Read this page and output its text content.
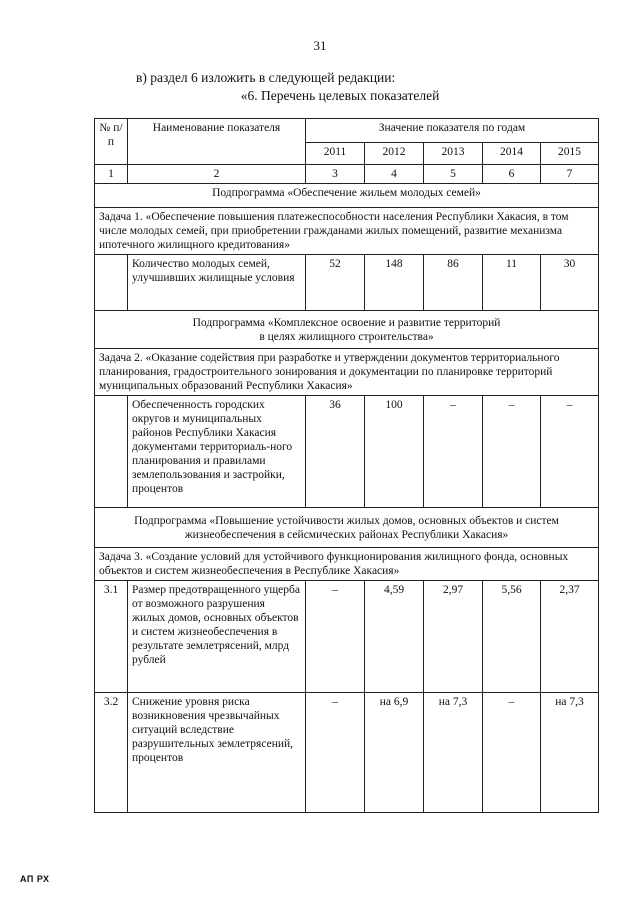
31
в) раздел 6 изложить в следующей редакции:
«6. Перечень целевых показателей
№ п/п	Наименование показателя	Значение показателя по годам				
		2011	2012	2013	2014	2015
1	2	3	4	5	6	7
Подпрограмма «Обеспечение жильем молодых семей»						
Задача 1. «Обеспечение повышения платежеспособности населения Республики Хакасия, в том числе молодых семей, при приобретении гражданами жилых помещений, развитие механизма ипотечного жилищного кредитования»						
	Количество молодых семей, улучшивших жилищные условия	52	148	86	11	30

Подпрограмма «Комплексное освоение и развитие территорий
в целях жилищного строительства»						

Задача 2. «Оказание содействия при разработке и утверждении документов территориального планирования, градостроительного зонирования и документации по планировке территорий муниципальных образований Республики Хакасия»						
	Обеспеченность городских округов и муниципальных районов Республики Хакасия документами территориаль-ного планирования и правилами землепользования и застройки, процентов	36	100	–	–	–

Подпрограмма «Повышение устойчивости жилых домов, основных объектов и систем
жизнеобеспечения в сейсмических районах Республики Хакасия»						

Задача 3. «Создание условий для устойчивого функционирования жилищного фонда, основных объектов и систем жизнеобеспечения в Республике Хакасия»						
3.1	Размер предотвращенного ущерба от возможного разрушения жилых домов, основных объектов и систем жизнеобеспечения в результате землетрясений, млрд рублей	–	4,59	2,97	5,56	2,37
3.2	Снижение уровня риска возникновения чрезвычайных ситуаций вследствие разрушительных землетрясений, процентов	–	на 6,9	на 7,3	–	на 7,3
АП РХ
